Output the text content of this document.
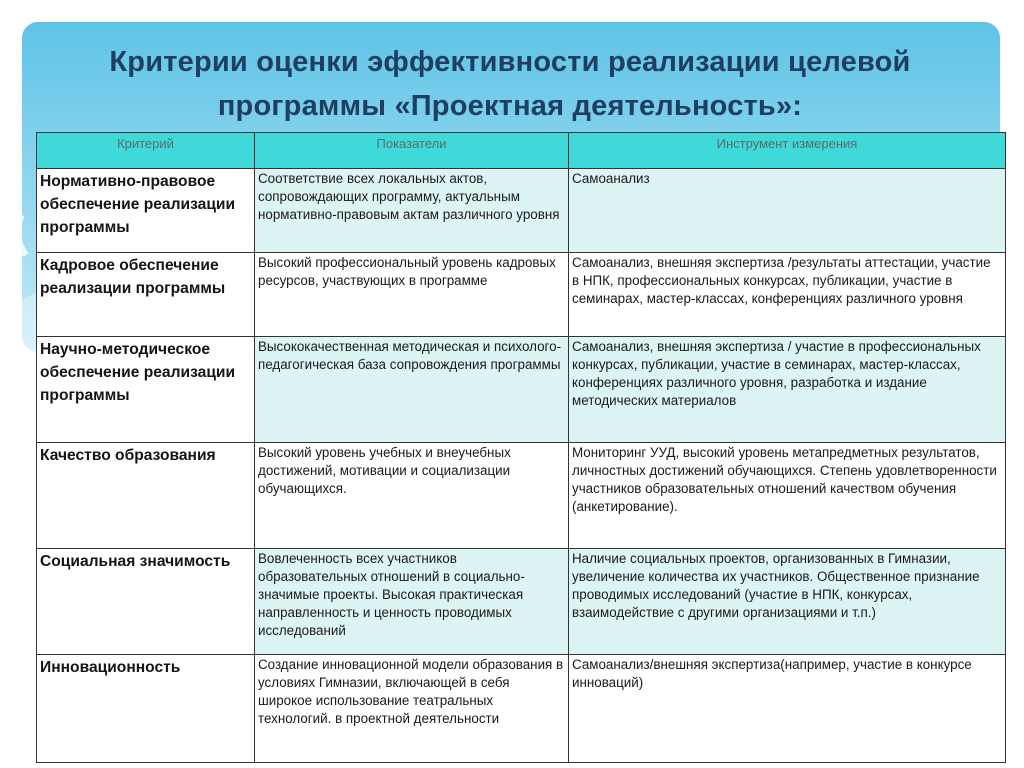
Критерии оценки эффективности реализации целевой
программы «Проектная деятельность»:
Критерий	Показатели	Инструмент измерения
Нормативно-правовое обеспечение реализации программы	Соответствие всех локальных актов, сопровождающих программу, актуальным нормативно-правовым актам различного уровня	Самоанализ
Кадровое обеспечение реализации программы	Высокий профессиональный уровень кадровых ресурсов, участвующих в программе	Самоанализ, внешняя экспертиза /результаты аттестации, участие в НПК, профессиональных конкурсах, публикации, участие в семинарах, мастер-классах, конференциях различного уровня
Научно-методическое обеспечение реализации программы	Высококачественная методическая и психолого-педагогическая база сопровождения программы	Самоанализ, внешняя экспертиза / участие в профессиональных конкурсах, публикации, участие в семинарах, мастер-классах, конференциях различного уровня, разработка и издание методических материалов
Качество образования	Высокий уровень учебных и внеучебных достижений, мотивации и социализации обучающихся.	Мониторинг УУД, высокий уровень метапредметных результатов, личностных достижений обучающихся. Степень удовлетворенности участников образовательных отношений качеством обучения (анкетирование).
Социальная значимость	Вовлеченность всех участников образовательных отношений в социально-значимые проекты. Высокая практическая направленность и ценность проводимых исследований	Наличие социальных проектов, организованных в Гимназии, увеличение количества их участников. Общественное признание проводимых исследований (участие в НПК, конкурсах, взаимодействие с другими организациями и т.п.)
Инновационность	Создание инновационной модели образования в условиях Гимназии, включающей в себя широкое использование театральных технологий. в проектной деятельности	Самоанализ/внешняя экспертиза(например, участие в конкурсе инноваций)
